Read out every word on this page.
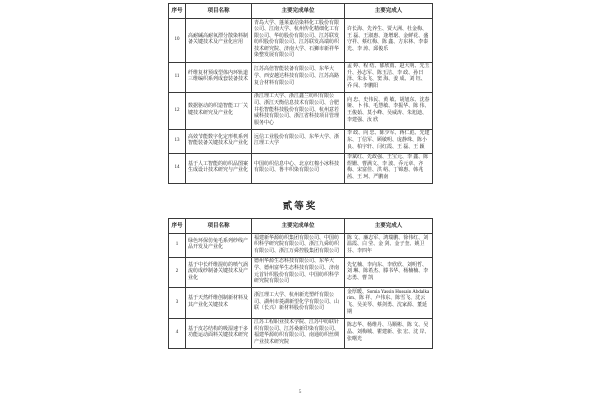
序号	项目名称	主要完成单位	主要完成人
10	高耐碱高耐氧漂分散染料制备关键技术及产业化应用	青岛大学、蓬莱嘉信染料化工股份有限公司、江南大学、杭州传化精细化工有限公司、华纺股份有限公司、江苏联发纺织股份有限公司、江苏联发高端纺织技术研究院、济南大学、石狮市新祥华染整发展有限公司	许长海、先养生、贾大洲、杜金梅、王 磊、王淑惠、逢增琚、金鲜花、盛守祥、蔡红梅、陈 鑫、方东林、李泰光、李 涛、邱俊乐
11	纤维复材预成型体内环轨道三维编织系列成套装备技术	江苏高倍智能装备有限公司、东华大学、西安越达科技有限公司、江苏高路复合材料有限公司	孟 婷、程 结、郁欣雨、赵大明、先玉升、孙志军、陈玉洁、李 政、孙曰泽、朱永飞、窦 海、姜 成、刘 钰、乔 闯、李鹏阳
12	数据驱动的织造智能工厂关键技术研究及产业化	浙江理工大学、浙江鑫兰纺织有限公司、浙江天衡信息技术有限公司、合肥井松智能科技股份有限公司、杭州意若威科技有限公司、浙江省科技项目管理服务中心	向 忠、史伟民、黄 敏、胡旭东、沈春娅、卜 伟、毛慧敏、李振华、陈 伟、王俊茹、莫小峰、吴威涛、朱旭迪、李建强、汝 欣
13	高效节能数字化定形机系列智能装备关键技术及产业化	远信工业股份有限公司、东华大学、浙江理工大学	李 政、向 忠、陈少军、蒋仁彪、先建东、丁信军、顾敏明、庞静珠、陈小良、柏宇轩、闫红霞、王 磊、王 颖
14	基于人工智能的纺织品图案生成设计技术研究与产业化	中国纺织信息中心、北京红棉小冰科技有限公司、鲁丰织染有限公司	李斌红、先政强、王宝元、李 鑫、陈煜姗、曹满文、李 波、乔元章、齐 梅、宋富佳、洪 峪、丁锦惠、韩兆茜、王 珂、严鹏南
贰等奖
序号	项目名称	主要完成单位	主要完成人
1	绿色环保仿兔毛系列纱线产品开发及产业化	福建新华源纺织集团有限公司、中国纺织科学研究院有限公司、浙江九舜纺织有限公司、浙江万舜控股集团有限公司	陈 文、廉志军、鸿瑞鹏、徐伟红、刘温霞、白 莹、金 剑、金子奎、姚卫芬、李四年
2	基于中长纤维混纺的喷气涡流纺成纱制备关键技术及产业化	德州华源生态科技有限公司、东华大学、德州富华生态科技有限公司、济南元首针织股份有限公司、中国纺织科学研究院有限公司	先忆楠、李向东、李欣欣、刘明哲、刘 琳、陈希杰、滕书华、杨楠楠、李志勇、曹 凯
3	基于天然纤维创制新材料及其产业化关键技术	浙江理工大学、杭州新光塑纤有限公司、湖州市菱湖新望化学有限公司、山联（长兴）新材料股份有限公司	金厚暖、Somia Yassin Hussain Abdalkarim、陈 祥、卢伟东、陈雪飞、沈云飞、吴美琴、蔡剑勇、沈家源、董延期
4	基于皮芯结构的吸湿速干多功能运动面料关键技术研究	江苏工程职业技术学院、江苏中纺联针织有限公司、江苏桑新印染有限公司、福建华源纺织有限公司、南通纺织丝绸产业技术研究院	陈志华、杨维丹、马顺彬、陈 文、吴 晶、刘梅城、瞿建新、张 宏、沈 岸、张曙光
5
